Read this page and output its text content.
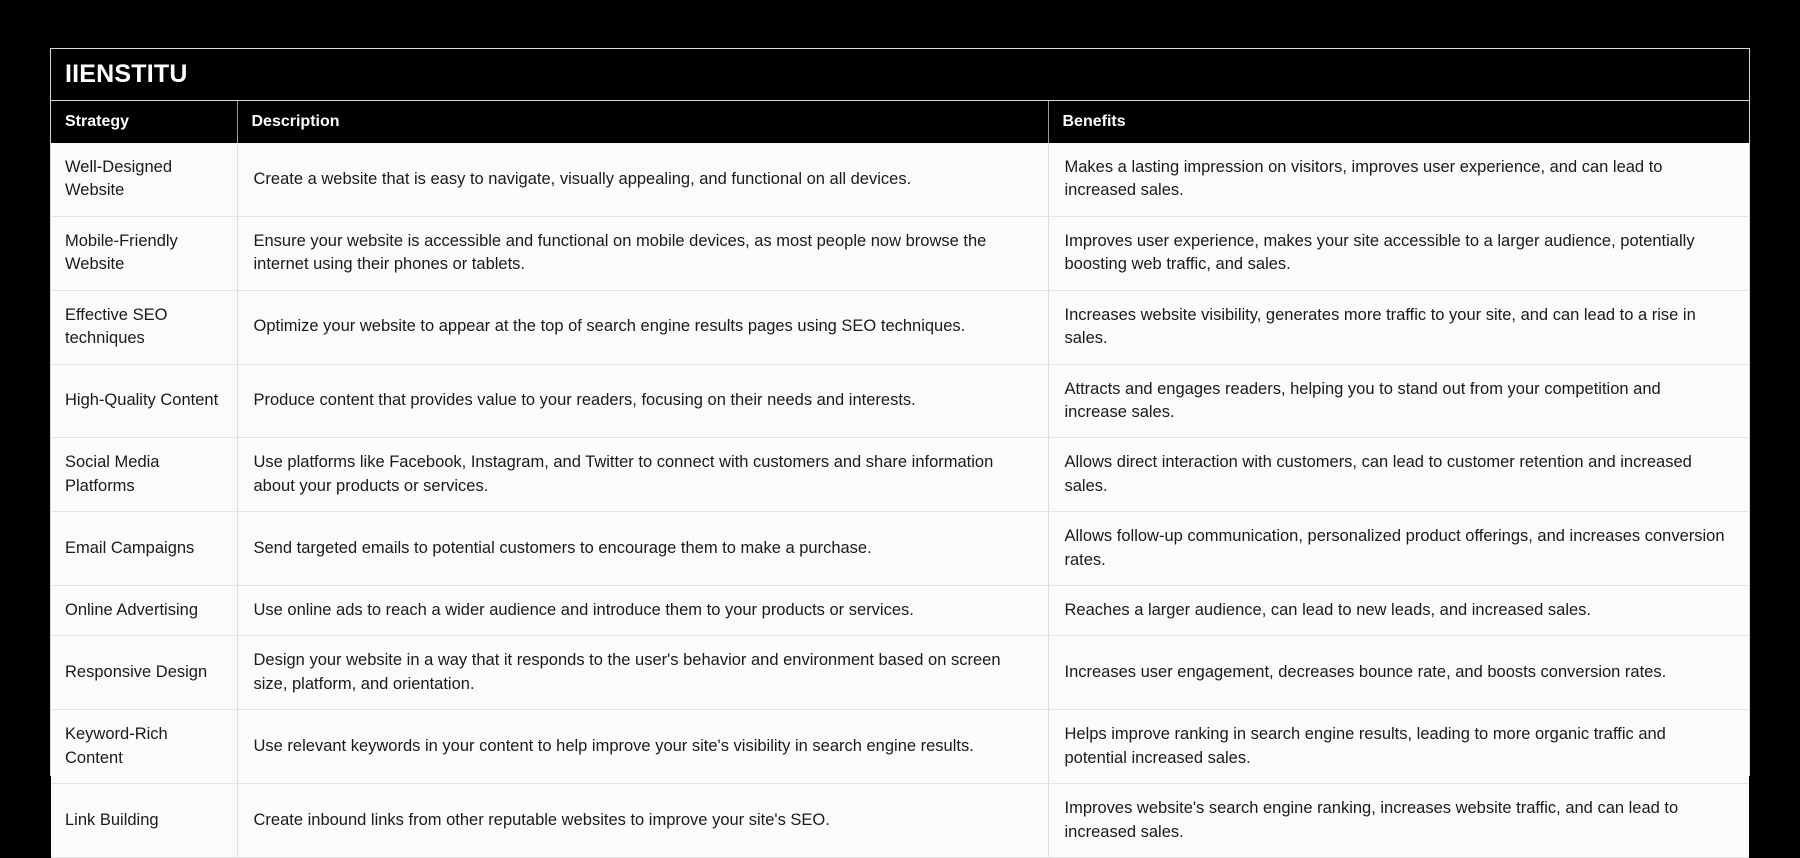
IIENSTITU
Strategy	Description	Benefits
Well-Designed Website	Create a website that is easy to navigate, visually appealing, and functional on all devices.	Makes a lasting impression on visitors, improves user experience, and can lead to increased sales.
Mobile-Friendly Website	Ensure your website is accessible and functional on mobile devices, as most people now browse the internet using their phones or tablets.	Improves user experience, makes your site accessible to a larger audience, potentially boosting web traffic, and sales.
Effective SEO techniques	Optimize your website to appear at the top of search engine results pages using SEO techniques.	Increases website visibility, generates more traffic to your site, and can lead to a rise in sales.
High-Quality Content	Produce content that provides value to your readers, focusing on their needs and interests.	Attracts and engages readers, helping you to stand out from your competition and increase sales.
Social Media Platforms	Use platforms like Facebook, Instagram, and Twitter to connect with customers and share information about your products or services.	Allows direct interaction with customers, can lead to customer retention and increased sales.
Email Campaigns	Send targeted emails to potential customers to encourage them to make a purchase.	Allows follow-up communication, personalized product offerings, and increases conversion rates.
Online Advertising	Use online ads to reach a wider audience and introduce them to your products or services.	Reaches a larger audience, can lead to new leads, and increased sales.
Responsive Design	Design your website in a way that it responds to the user's behavior and environment based on screen size, platform, and orientation.	Increases user engagement, decreases bounce rate, and boosts conversion rates.
Keyword-Rich Content	Use relevant keywords in your content to help improve your site's visibility in search engine results.	Helps improve ranking in search engine results, leading to more organic traffic and potential increased sales.
Link Building	Create inbound links from other reputable websites to improve your site's SEO.	Improves website's search engine ranking, increases website traffic, and can lead to increased sales.
